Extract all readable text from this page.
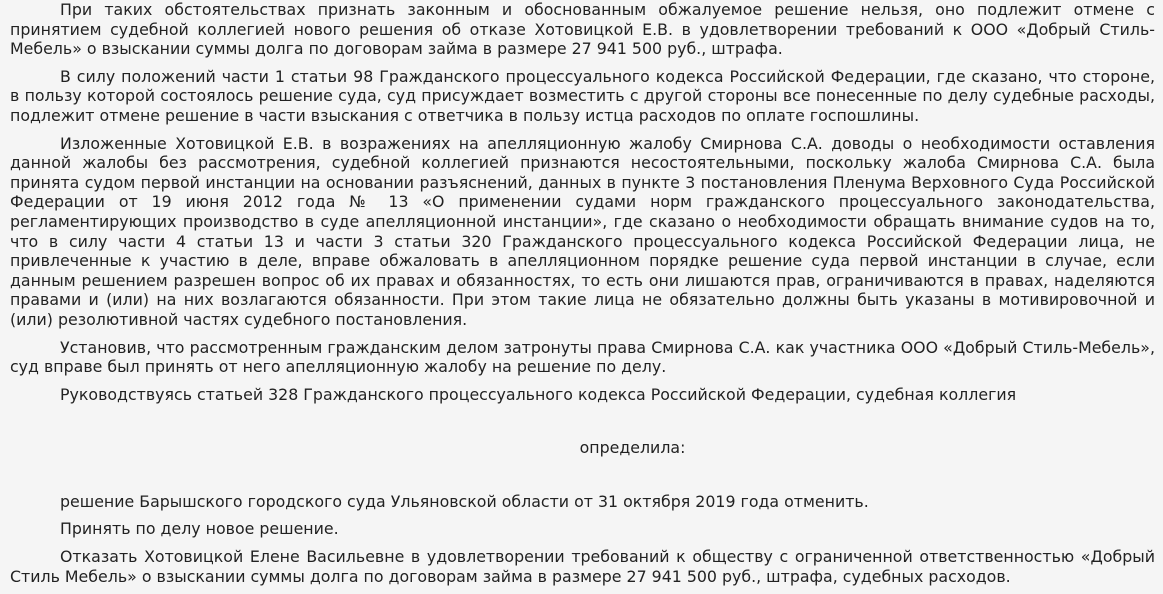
При таких обстоятельствах признать законным и обоснованным обжалуемое решение нельзя, оно подлежит отмене с принятием судебной коллегией нового решения об отказе Хотовицкой Е.В. в удовлетворении требований к ООО «Добрый Стиль-Мебель» о взыскании суммы долга по договорам займа в размере 27 941 500 руб., штрафа.

В силу положений части 1 статьи 98 Гражданского процессуального кодекса Российской Федерации, где сказано, что стороне, в пользу которой состоялось решение суда, суд присуждает возместить с другой стороны все понесенные по делу судебные расходы, подлежит отмене решение в части взыскания с ответчика в пользу истца расходов по оплате госпошлины.

Изложенные Хотовицкой Е.В. в возражениях на апелляционную жалобу Смирнова С.А. доводы о необходимости оставления данной жалобы без рассмотрения, судебной коллегией признаются несостоятельными, поскольку жалоба Смирнова С.А. была принята судом первой инстанции на основании разъяснений, данных в пункте 3 постановления Пленума Верховного Суда Российской Федерации от 19 июня 2012 года № 13 «О применении судами норм гражданского процессуального законодательства, регламентирующих производство в суде апелляционной инстанции», где сказано о необходимости обращать внимание судов на то, что в силу части 4 статьи 13 и части 3 статьи 320 Гражданского процессуального кодекса Российской Федерации лица, не привлеченные к участию в деле, вправе обжаловать в апелляционном порядке решение суда первой инстанции в случае, если данным решением разрешен вопрос об их правах и обязанностях, то есть они лишаются прав, ограничиваются в правах, наделяются правами и (или) на них возлагаются обязанности. При этом такие лица не обязательно должны быть указаны в мотивировочной и (или) резолютивной частях судебного постановления.

Установив, что рассмотренным гражданским делом затронуты права Смирнова С.А. как участника ООО «Добрый Стиль-Мебель», суд вправе был принять от него апелляционную жалобу на решение по делу.

Руководствуясь статьей 328 Гражданского процессуального кодекса Российской Федерации, судебная коллегия

определила:

решение Барышского городского суда Ульяновской области от 31 октября 2019 года отменить.

Принять по делу новое решение.

Отказать Хотовицкой Елене Васильевне в удовлетворении требований к обществу с ограниченной ответственностью «Добрый Стиль Мебель» о взыскании суммы долга по договорам займа в размере 27 941 500 руб., штрафа, судебных расходов.
